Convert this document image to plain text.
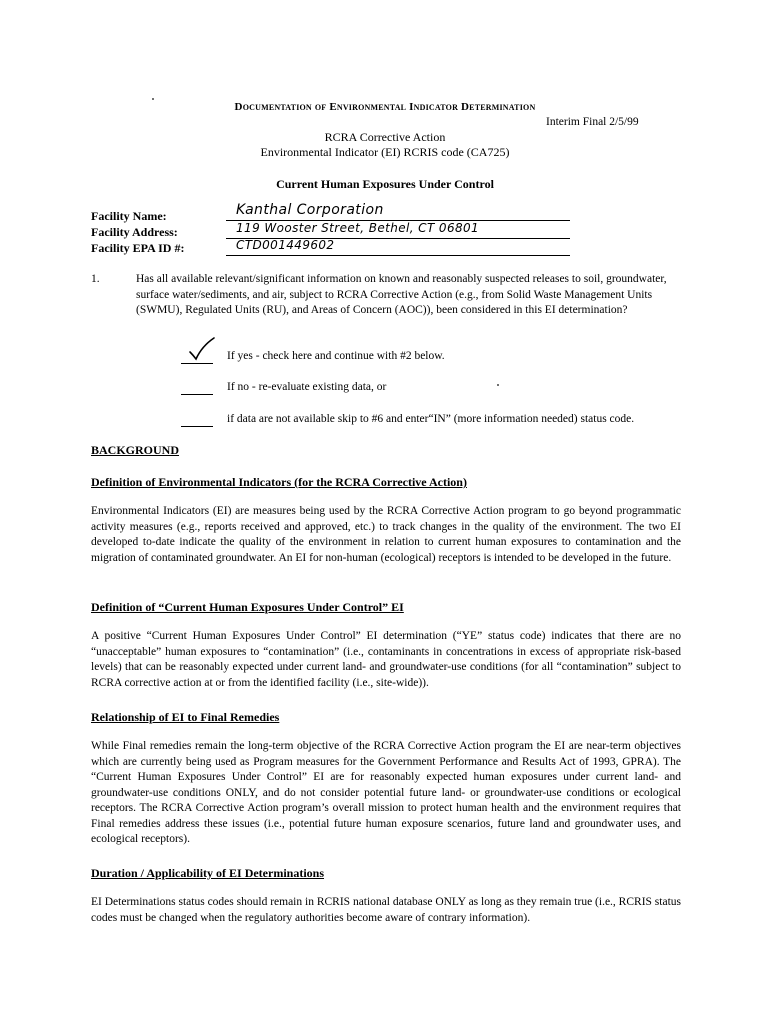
Documentation of Environmental Indicator Determination
Interim Final 2/5/99
RCRA Corrective Action
Environmental Indicator (EI) RCRIS code (CA725)
Current Human Exposures Under Control
Facility Name:	Kanthal Corporation
Facility Address:	119 Wooster Street, Bethel, CT 06801
Facility EPA ID #:	CTD001449602
1.	Has all available relevant/significant information on known and reasonably suspected releases to soil, groundwater, surface water/sediments, and air, subject to RCRA Corrective Action (e.g., from Solid Waste Management Units (SWMU), Regulated Units (RU), and Areas of Concern (AOC)), been considered in this EI determination?
If yes - check here and continue with #2 below.
If no - re-evaluate existing data, or
if data are not available skip to #6 and enter“IN” (more information needed) status code.
BACKGROUND
Definition of Environmental Indicators (for the RCRA Corrective Action)
Environmental Indicators (EI) are measures being used by the RCRA Corrective Action program to go beyond programmatic activity measures (e.g., reports received and approved, etc.) to track changes in the quality of the environment. The two EI developed to-date indicate the quality of the environment in relation to current human exposures to contamination and the migration of contaminated groundwater. An EI for non-human (ecological) receptors is intended to be developed in the future.
Definition of “Current Human Exposures Under Control” EI
A positive “Current Human Exposures Under Control” EI determination (“YE” status code) indicates that there are no “unacceptable” human exposures to “contamination” (i.e., contaminants in concentrations in excess of appropriate risk-based levels) that can be reasonably expected under current land- and groundwater-use conditions (for all “contamination” subject to RCRA corrective action at or from the identified facility (i.e., site-wide)).
Relationship of EI to Final Remedies
While Final remedies remain the long-term objective of the RCRA Corrective Action program the EI are near-term objectives which are currently being used as Program measures for the Government Performance and Results Act of 1993, GPRA). The “Current Human Exposures Under Control” EI are for reasonably expected human exposures under current land- and groundwater-use conditions ONLY, and do not consider potential future land- or groundwater-use conditions or ecological receptors. The RCRA Corrective Action program’s overall mission to protect human health and the environment requires that Final remedies address these issues (i.e., potential future human exposure scenarios, future land and groundwater uses, and ecological receptors).
Duration / Applicability of EI Determinations
EI Determinations status codes should remain in RCRIS national database ONLY as long as they remain true (i.e., RCRIS status codes must be changed when the regulatory authorities become aware of contrary information).
